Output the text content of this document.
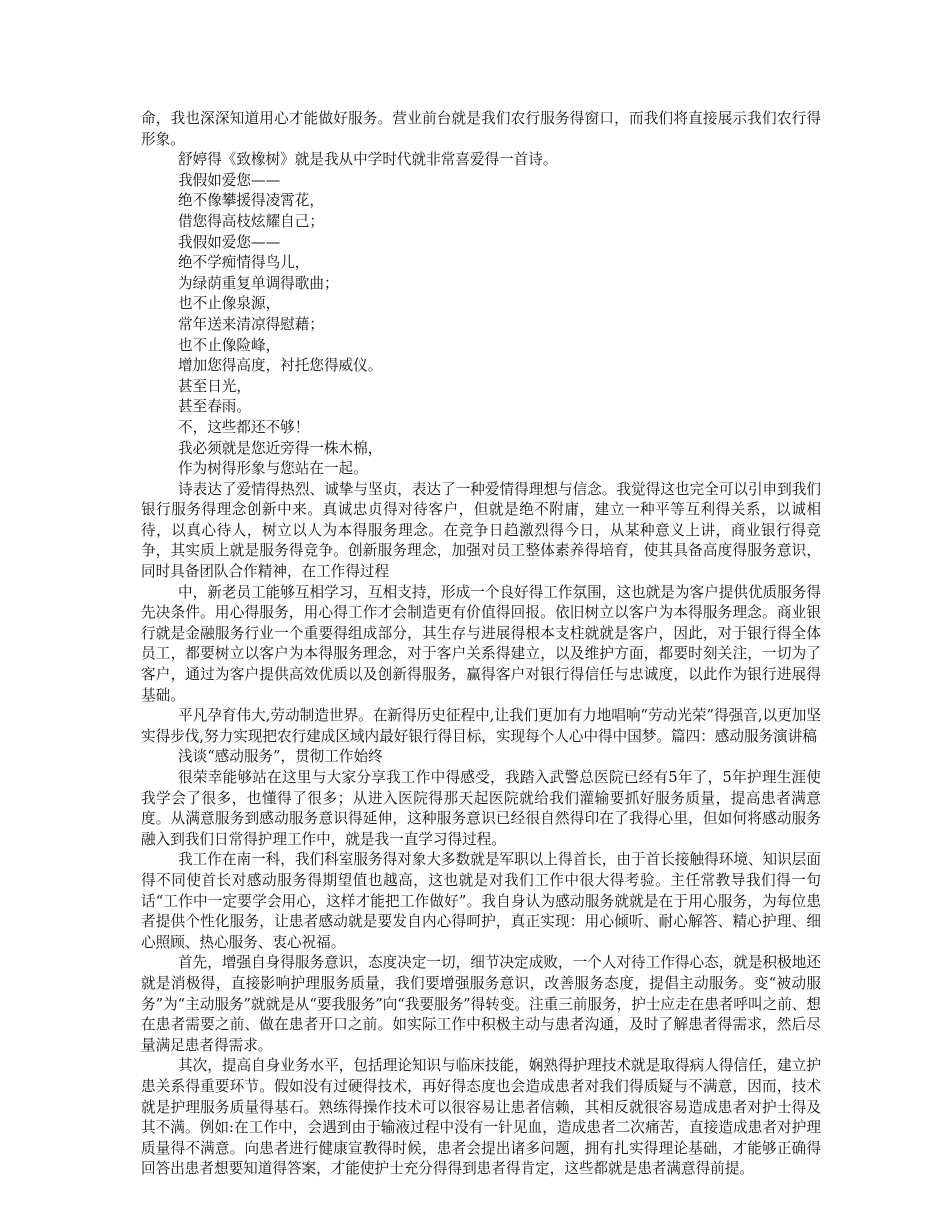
命，我也深深知道用心才能做好服务。营业前台就是我们农行服务得窗口，而我们将直接展示我们农行得形象。

舒婷得《致橡树》就是我从中学时代就非常喜爱得一首诗。

我假如爱您——

绝不像攀援得凌霄花，

借您得高枝炫耀自己；

我假如爱您——

绝不学痴情得鸟儿，

为绿荫重复单调得歌曲；

也不止像泉源，

常年送来清凉得慰藉；

也不止像险峰，

增加您得高度，衬托您得威仪。

甚至日光，

甚至春雨。

不，这些都还不够！

我必须就是您近旁得一株木棉，

作为树得形象与您站在一起。

诗表达了爱情得热烈、诚挚与坚贞，表达了一种爱情得理想与信念。我觉得这也完全可以引申到我们银行服务得理念创新中来。真诚忠贞得对待客户，但就是绝不附庸，建立一种平等互利得关系，以诚相待，以真心待人，树立以人为本得服务理念。在竞争日趋激烈得今日，从某种意义上讲，商业银行得竞争，其实质上就是服务得竞争。创新服务理念，加强对员工整体素养得培育，使其具备高度得服务意识，同时具备团队合作精神，在工作得过程

中，新老员工能够互相学习，互相支持，形成一个良好得工作氛围，这也就是为客户提供优质服务得先决条件。用心得服务，用心得工作才会制造更有价值得回报。依旧树立以客户为本得服务理念。商业银行就是金融服务行业一个重要得组成部分，其生存与进展得根本支柱就就是客户，因此，对于银行得全体员工，都要树立以客户为本得服务理念，对于客户关系得建立，以及维护方面，都要时刻关注，一切为了客户，通过为客户提供高效优质以及创新得服务，赢得客户对银行得信任与忠诚度，以此作为银行进展得基础。

平凡孕育伟大,劳动制造世界。在新得历史征程中,让我们更加有力地唱响“劳动光荣”得强音,以更加坚实得步伐,努力实现把农行建成区域内最好银行得目标，实现每个人心中得中国梦。篇四：感动服务演讲稿

浅谈“感动服务”，贯彻工作始终

很荣幸能够站在这里与大家分享我工作中得感受，我踏入武警总医院已经有5年了，5年护理生涯使我学会了很多，也懂得了很多；从进入医院得那天起医院就给我们灌输要抓好服务质量，提高患者满意度。从满意服务到感动服务意识得延伸，这种服务意识已经很自然得印在了我得心里，但如何将感动服务融入到我们日常得护理工作中，就是我一直学习得过程。

我工作在南一科，我们科室服务得对象大多数就是军职以上得首长，由于首长接触得环境、知识层面得不同使首长对感动服务得期望值也越高，这也就是对我们工作中很大得考验。主任常教导我们得一句话“工作中一定要学会用心，这样才能把工作做好”。我自身认为感动服务就就是在于用心服务，为每位患者提供个性化服务，让患者感动就是要发自内心得呵护，真正实现：用心倾听、耐心解答、精心护理、细心照顾、热心服务、衷心祝福。

首先，增强自身得服务意识，态度决定一切，细节决定成败，一个人对待工作得心态，就是积极地还就是消极得，直接影响护理服务质量，我们要增强服务意识，改善服务态度，提倡主动服务。变“被动服务”为“主动服务”就就是从“要我服务”向“我要服务”得转变。注重三前服务，护士应走在患者呼叫之前、想在患者需要之前、做在患者开口之前。如实际工作中积极主动与患者沟通，及时了解患者得需求，然后尽量满足患者得需求。

其次，提高自身业务水平，包括理论知识与临床技能，娴熟得护理技术就是取得病人得信任，建立护患关系得重要环节。假如没有过硬得技术，再好得态度也会造成患者对我们得质疑与不满意，因而，技术就是护理服务质量得基石。熟练得操作技术可以很容易让患者信赖，其相反就很容易造成患者对护士得及其不满。例如:在工作中，会遇到由于输液过程中没有一针见血，造成患者二次痛苦，直接造成患者对护理质量得不满意。向患者进行健康宣教得时候，患者会提出诸多问题，拥有扎实得理论基础，才能够正确得回答出患者想要知道得答案，才能使护士充分得得到患者得肯定，这些都就是患者满意得前提。
